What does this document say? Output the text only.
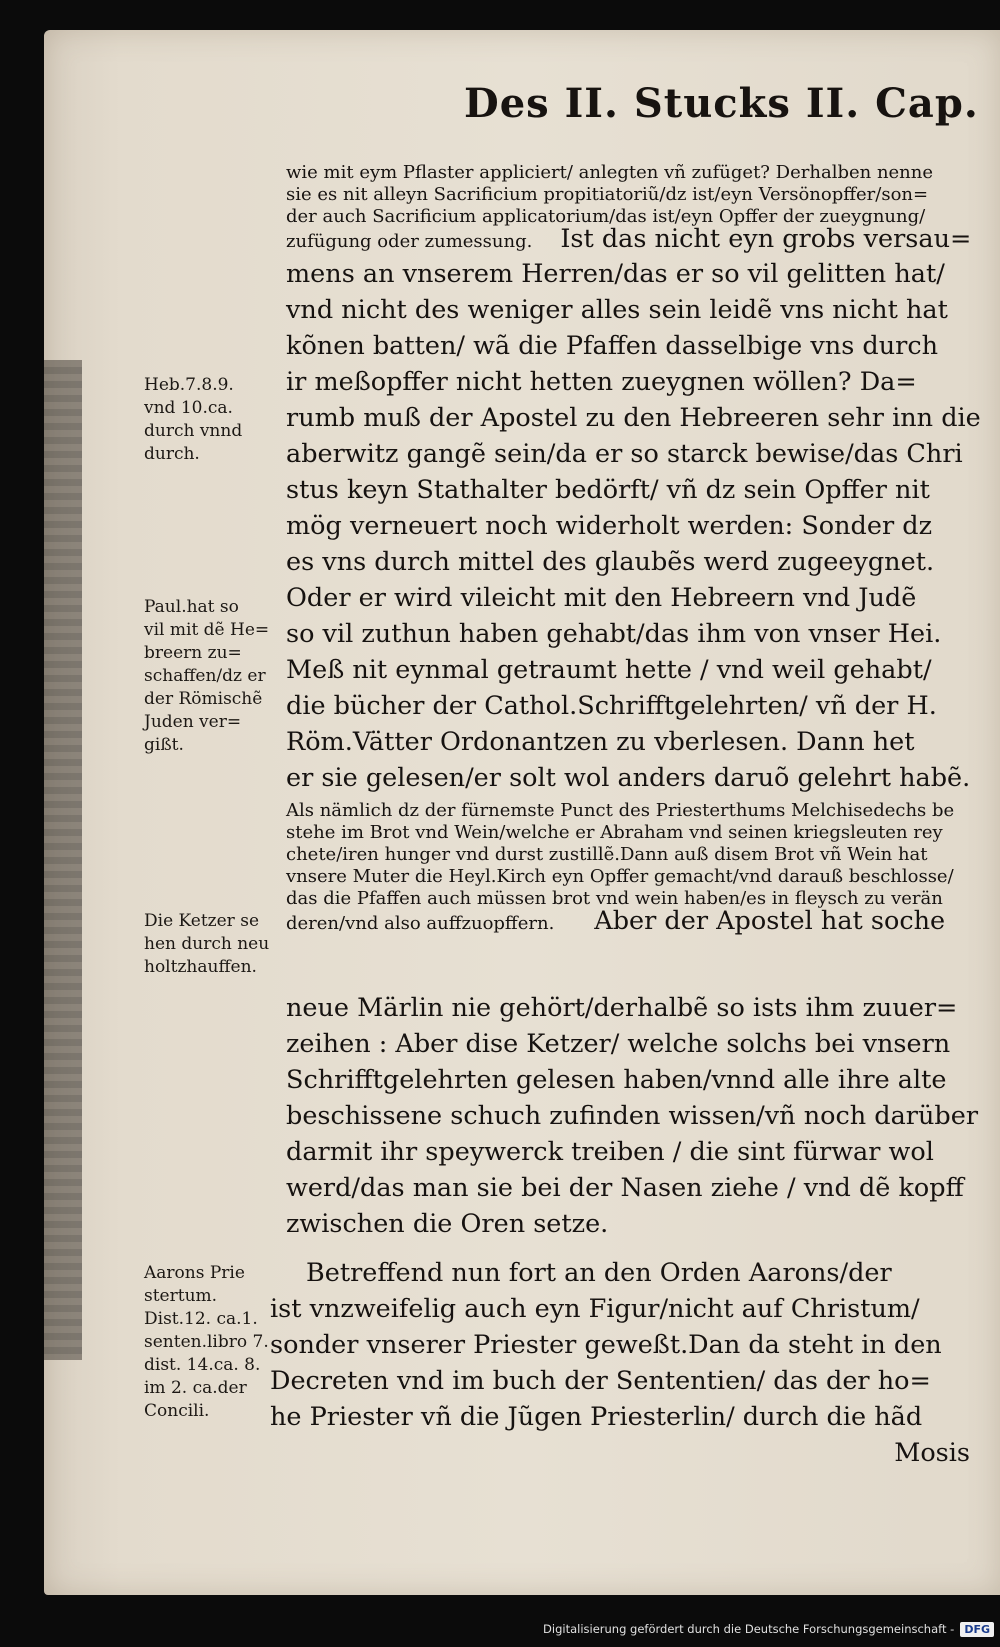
Des II. Stucks II. Cap.
wie mit eym Pflaster appliciert/ anlegten vñ zufüget? Derhalben nenne
sie es nit alleyn Sacrificium propitiatoriũ/dz ist/eyn Versönopffer/son=
der auch Sacrificium applicatorium/das ist/eyn Opffer der zueygnung/
zufügung oder zumessung. Ist das nicht eyn grobs versau=
mens an vnserem Herren/das er so vil gelitten hat/
vnd nicht des weniger alles sein leidẽ vns nicht hat
kõnen batten/ wã die Pfaffen dasselbige vns durch
ir meßopffer nicht hetten zueygnen wöllen? Da=
rumb muß der Apostel zu den Hebreeren sehr inn die
aberwitz gangẽ sein/da er so starck bewise/das Chri
stus keyn Stathalter bedörft/ vñ dz sein Opffer nit
mög verneuert noch widerholt werden: Sonder dz
es vns durch mittel des glaubẽs werd zugeeygnet.
Oder er wird vileicht mit den Hebreern vnd Judẽ
so vil zuthun haben gehabt/das ihm von vnser Hei.
Meß nit eynmal getraumt hette / vnd weil gehabt/
die bücher der Cathol.Schrifftgelehrten/ vñ der H.
Röm.Vätter Ordonantzen zu vberlesen. Dann het
er sie gelesen/er solt wol anders daruõ gelehrt habẽ.
Als nämlich dz der fürnemste Punct des Priesterthums Melchisedechs be
stehe im Brot vnd Wein/welche er Abraham vnd seinen kriegsleuten rey
chete/iren hunger vnd durst zustillẽ.Dann auß disem Brot vñ Wein hat
vnsere Muter die Heyl.Kirch eyn Opffer gemacht/vnd darauß beschlosse/
das die Pfaffen auch müssen brot vnd wein haben/es in fleysch zu verän
deren/vnd also auffzuopffern. Aber der Apostel hat soche
neue Märlin nie gehört/derhalbẽ so ists ihm zuuer=
zeihen : Aber dise Ketzer/ welche solchs bei vnsern
Schrifftgelehrten gelesen haben/vnnd alle ihre alte
beschissene schuch zufinden wissen/vñ noch darüber
darmit ihr speywerck treiben / die sint fürwar wol
werd/das man sie bei der Nasen ziehe / vnd dẽ kopff
zwischen die Oren setze.
Betreffend nun fort an den Orden Aarons/der
ist vnzweifelig auch eyn Figur/nicht auf Christum/
sonder vnserer Priester geweßt.Dan da steht in den
Decreten vnd im buch der Sententien/ das der ho=
he Priester vñ die Jũgen Priesterlin/ durch die hãd
Mosis
Heb.7.8.9.
vnd 10.ca.
durch vnnd
durch.
Paul.hat so
vil mit dẽ He=
breern zu=
schaffen/dz er
der Römischẽ
Juden ver=
gißt.
Die Ketzer se
hen durch neu
holtzhauffen.
Aarons Prie
stertum.
Dist.12. ca.1.
senten.libro 7.
dist. 14.ca. 8.
im 2. ca.der
Concili.
Digitalisierung gefördert durch die Deutsche Forschungsgemeinschaft - DFG
